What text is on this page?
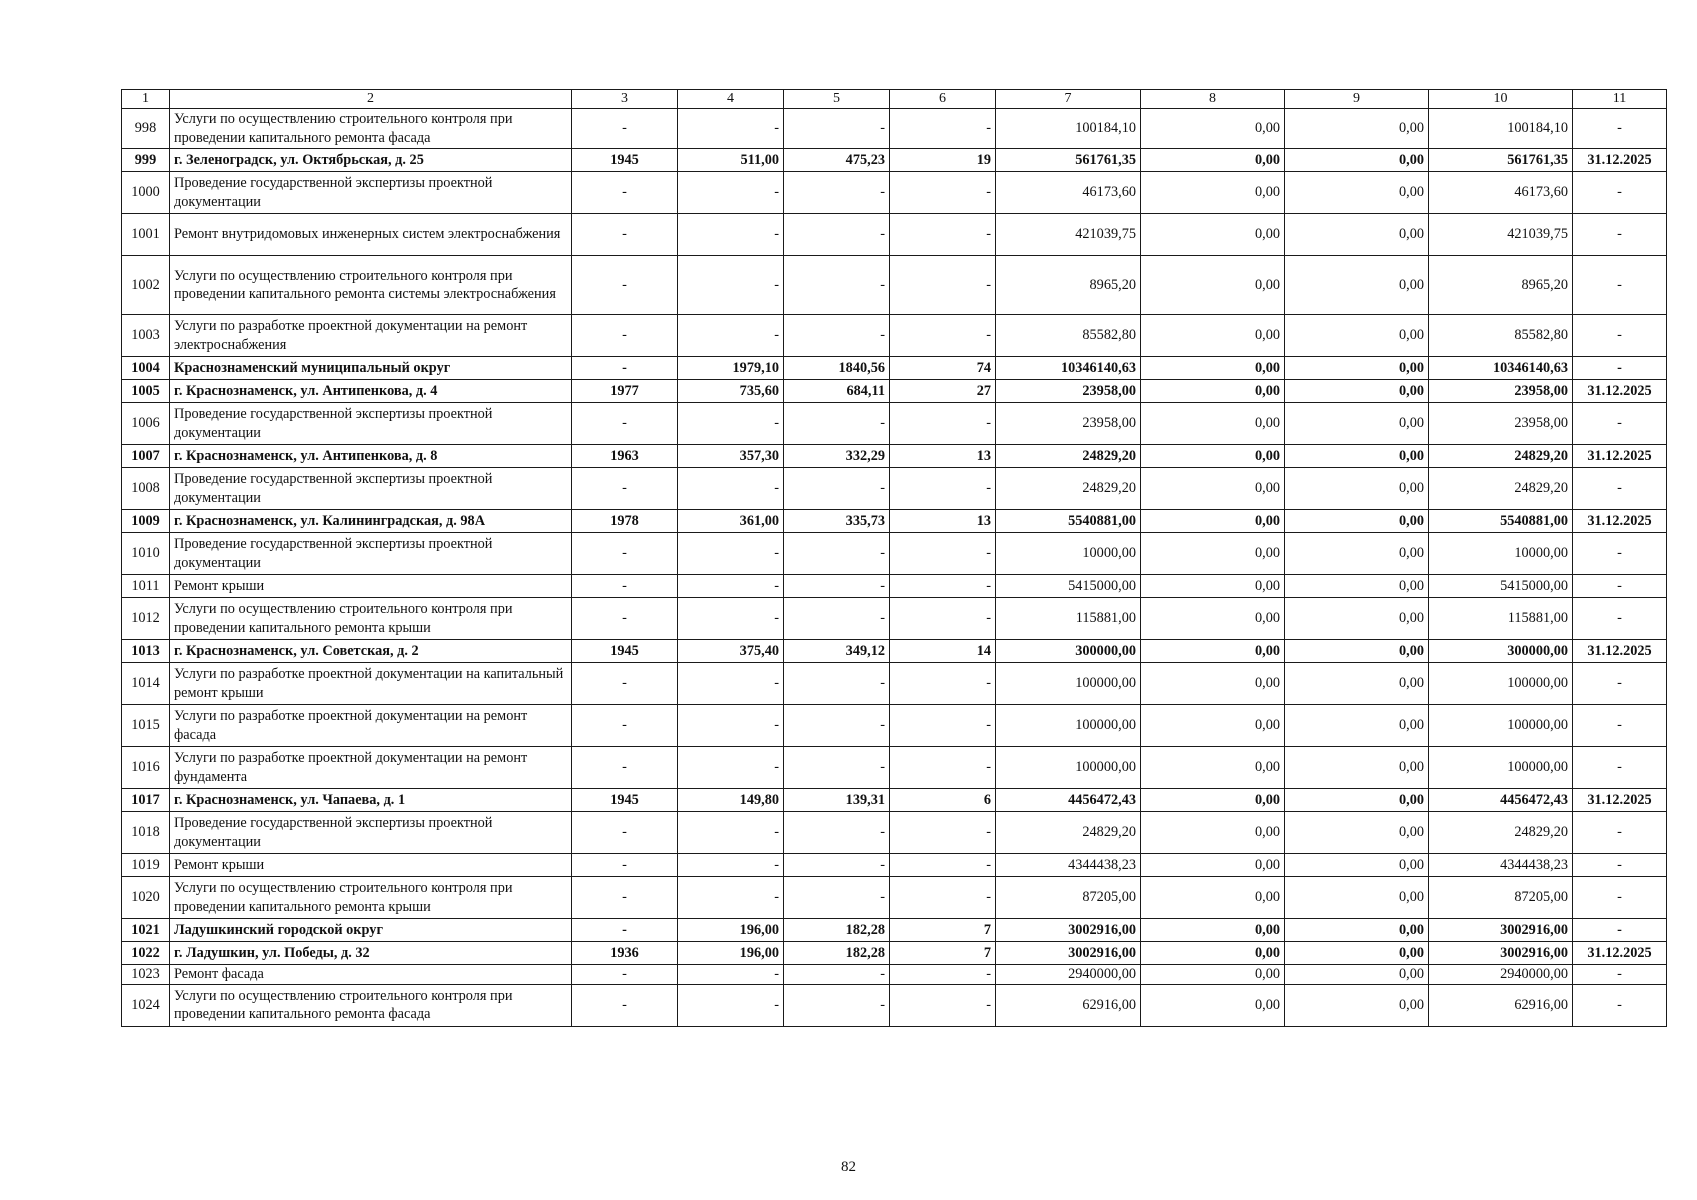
1	2	3	4	5	6	7	8	9	10	11
998	Услуги по осуществлению строительного контроля при проведении капитального ремонта фасада	-	-	-	-	100184,10	0,00	0,00	100184,10	-
999	г. Зеленоградск, ул. Октябрьская, д. 25	1945	511,00	475,23	19	561761,35	0,00	0,00	561761,35	31.12.2025
1000	Проведение государственной экспертизы проектной документации	-	-	-	-	46173,60	0,00	0,00	46173,60	-
1001	Ремонт внутридомовых инженерных систем электроснабжения	-	-	-	-	421039,75	0,00	0,00	421039,75	-
1002	Услуги по осуществлению строительного контроля при проведении капитального ремонта системы электроснабжения	-	-	-	-	8965,20	0,00	0,00	8965,20	-
1003	Услуги по разработке проектной документации на ремонт электроснабжения	-	-	-	-	85582,80	0,00	0,00	85582,80	-
1004	Краснознаменский муниципальный округ	-	1979,10	1840,56	74	10346140,63	0,00	0,00	10346140,63	-
1005	г. Краснознаменск, ул. Антипенкова, д. 4	1977	735,60	684,11	27	23958,00	0,00	0,00	23958,00	31.12.2025
1006	Проведение государственной экспертизы проектной документации	-	-	-	-	23958,00	0,00	0,00	23958,00	-
1007	г. Краснознаменск, ул. Антипенкова, д. 8	1963	357,30	332,29	13	24829,20	0,00	0,00	24829,20	31.12.2025
1008	Проведение государственной экспертизы проектной документации	-	-	-	-	24829,20	0,00	0,00	24829,20	-
1009	г. Краснознаменск, ул. Калининградская, д. 98А	1978	361,00	335,73	13	5540881,00	0,00	0,00	5540881,00	31.12.2025
1010	Проведение государственной экспертизы проектной документации	-	-	-	-	10000,00	0,00	0,00	10000,00	-
1011	Ремонт крыши	-	-	-	-	5415000,00	0,00	0,00	5415000,00	-
1012	Услуги по осуществлению строительного контроля при проведении капитального ремонта крыши	-	-	-	-	115881,00	0,00	0,00	115881,00	-
1013	г. Краснознаменск, ул. Советская, д. 2	1945	375,40	349,12	14	300000,00	0,00	0,00	300000,00	31.12.2025
1014	Услуги по разработке проектной документации на капитальный ремонт крыши	-	-	-	-	100000,00	0,00	0,00	100000,00	-
1015	Услуги по разработке проектной документации на ремонт фасада	-	-	-	-	100000,00	0,00	0,00	100000,00	-
1016	Услуги по разработке проектной документации на ремонт фундамента	-	-	-	-	100000,00	0,00	0,00	100000,00	-
1017	г. Краснознаменск, ул. Чапаева, д. 1	1945	149,80	139,31	6	4456472,43	0,00	0,00	4456472,43	31.12.2025
1018	Проведение государственной экспертизы проектной документации	-	-	-	-	24829,20	0,00	0,00	24829,20	-
1019	Ремонт крыши	-	-	-	-	4344438,23	0,00	0,00	4344438,23	-
1020	Услуги по осуществлению строительного контроля при проведении капитального ремонта крыши	-	-	-	-	87205,00	0,00	0,00	87205,00	-
1021	Ладушкинский городской округ	-	196,00	182,28	7	3002916,00	0,00	0,00	3002916,00	-
1022	г. Ладушкин, ул. Победы, д. 32	1936	196,00	182,28	7	3002916,00	0,00	0,00	3002916,00	31.12.2025
1023	Ремонт фасада	-	-	-	-	2940000,00	0,00	0,00	2940000,00	-
1024	Услуги по осуществлению строительного контроля при проведении капитального ремонта фасада	-	-	-	-	62916,00	0,00	0,00	62916,00	-
82
